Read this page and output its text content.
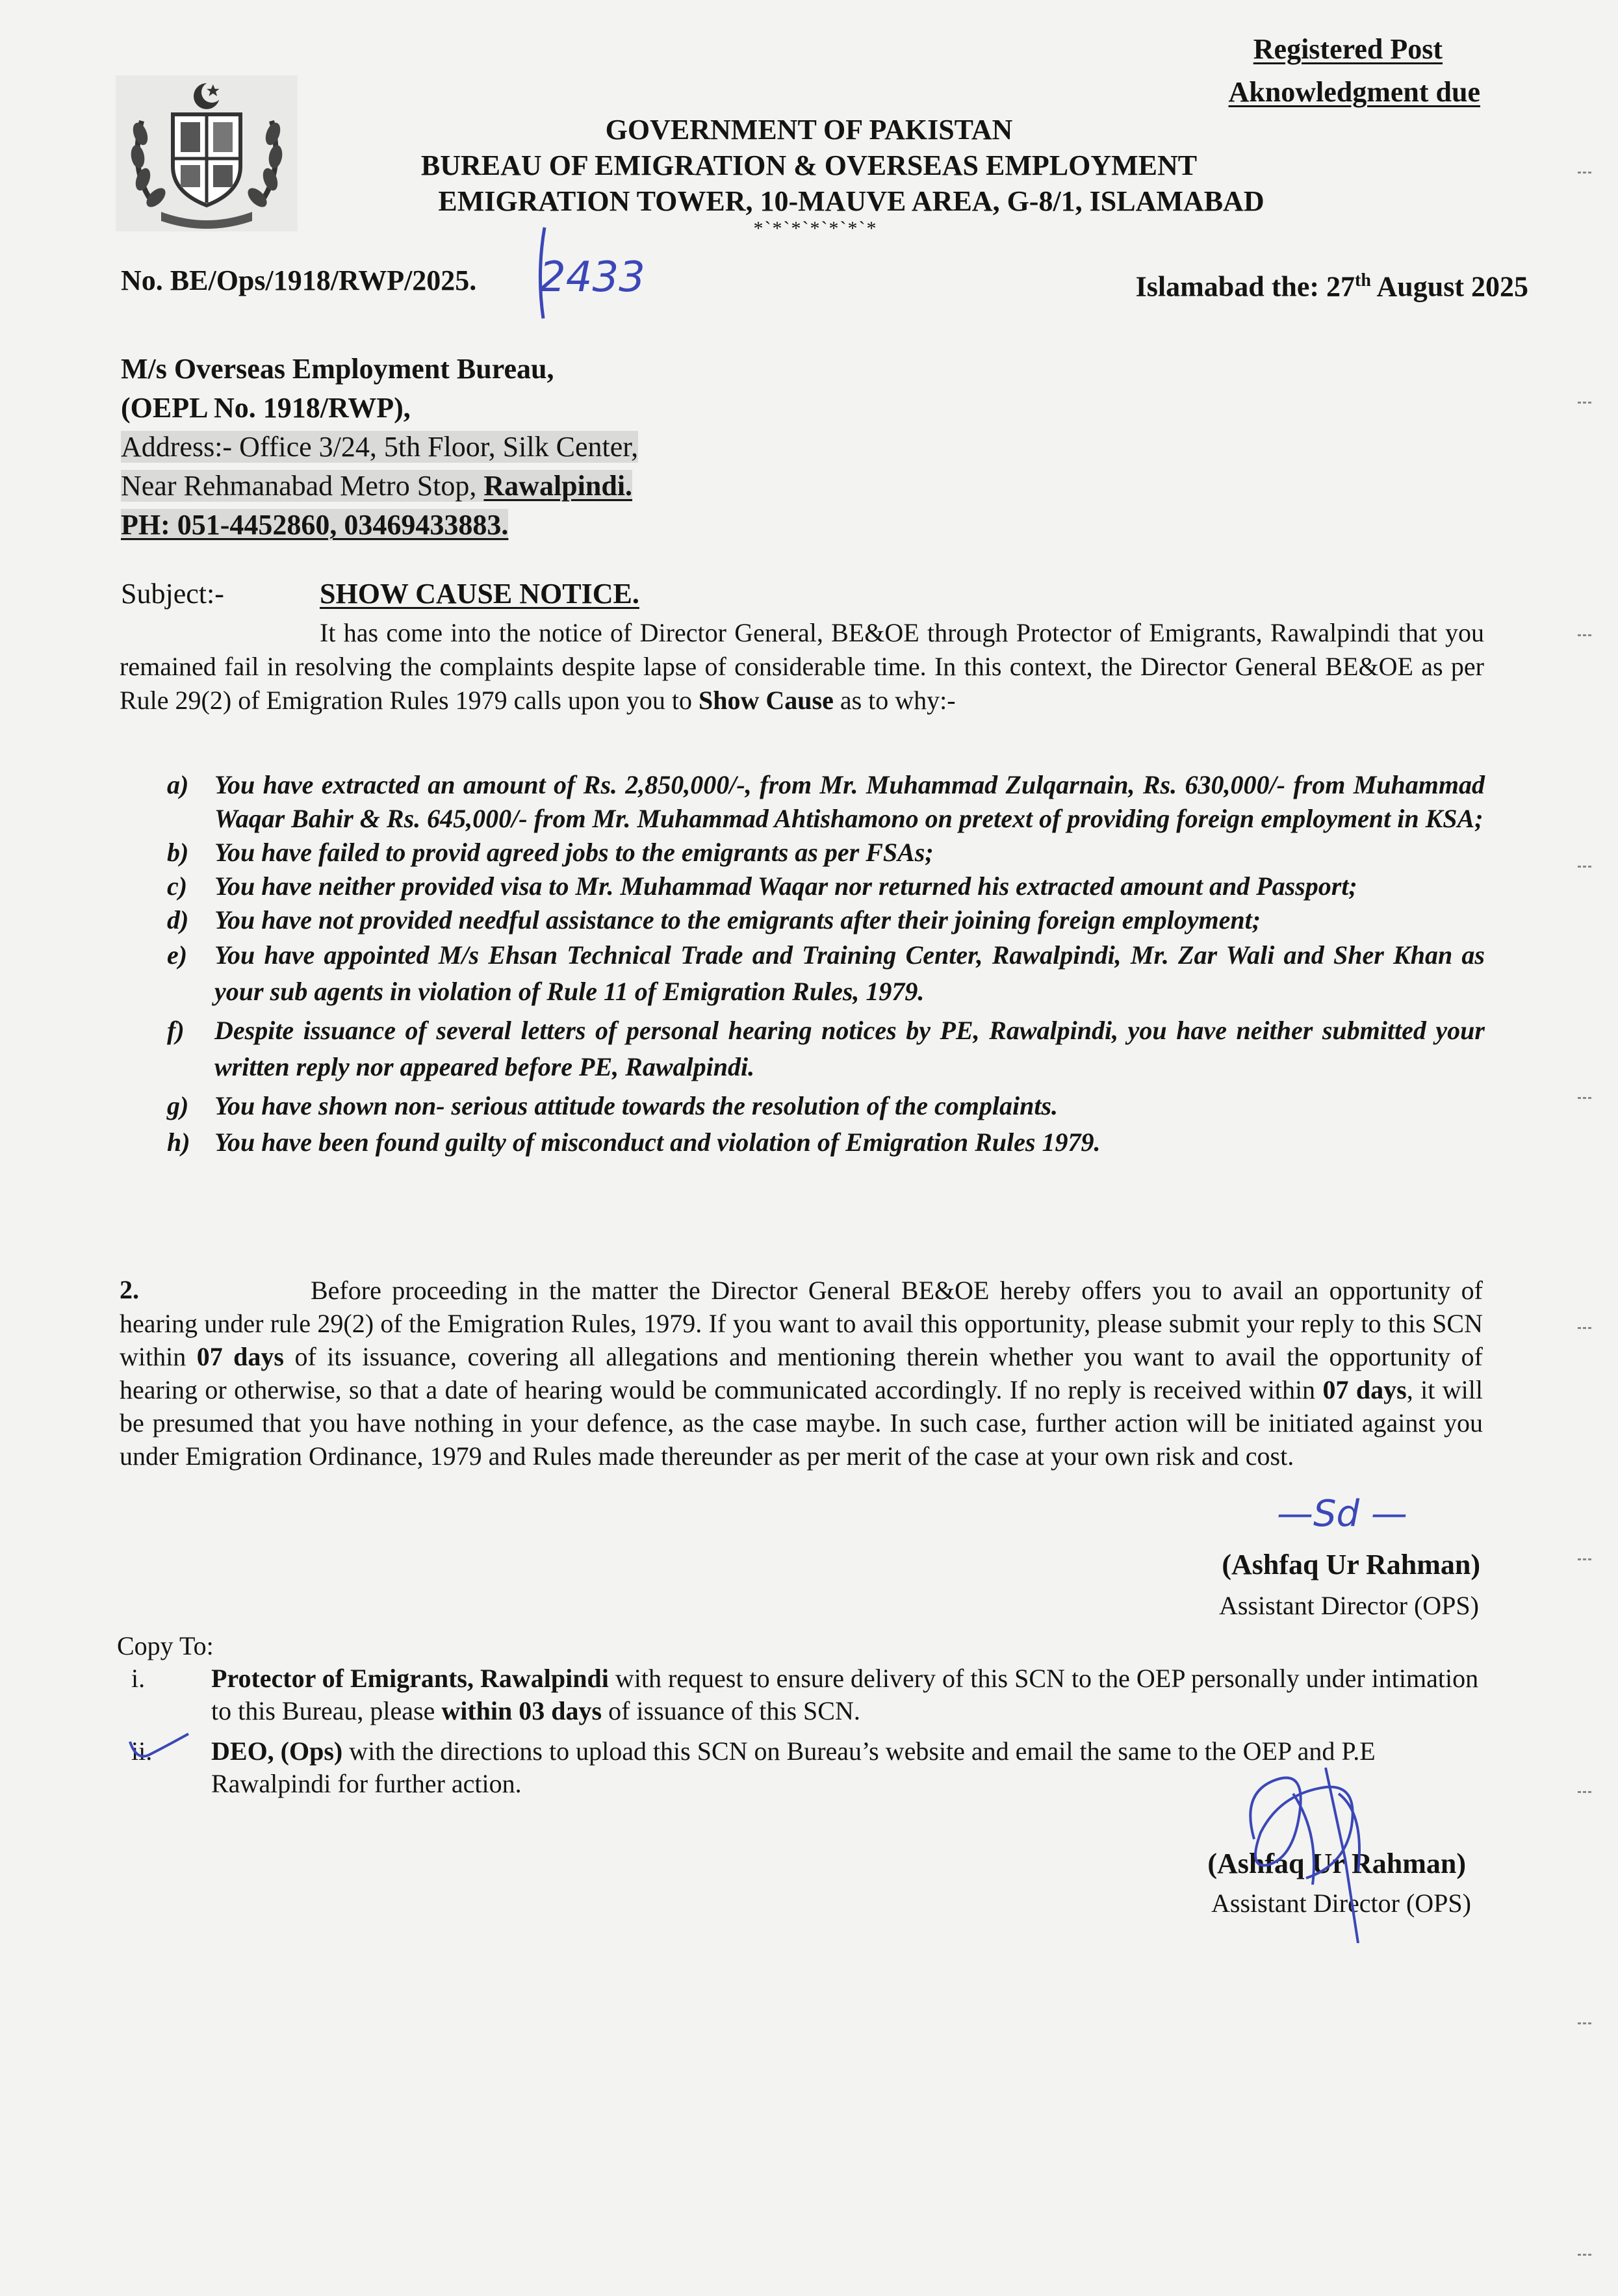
Registered Post
Aknowledgment due
GOVERNMENT OF PAKISTAN
BUREAU OF EMIGRATION & OVERSEAS EMPLOYMENT
EMIGRATION TOWER, 10-MAUVE AREA, G-8/1, ISLAMABAD
*`*`*`*`*`*`*
No. BE/Ops/1918/RWP/2025. 2433	Islamabad the: 27th August 2025
M/s Overseas Employment Bureau,
(OEPL No. 1918/RWP),
Address:- Office 3/24, 5th Floor, Silk Center,
Near Rehmanabad Metro Stop, Rawalpindi.
PH: 051-4452860, 03469433883.
Subject:-	SHOW CAUSE NOTICE.
It has come into the notice of Director General, BE&OE through Protector of Emigrants, Rawalpindi that you remained fail in resolving the complaints despite lapse of considerable time. In this context, the Director General BE&OE as per Rule 29(2) of Emigration Rules 1979 calls upon you to Show Cause as to why:-
a) You have extracted an amount of Rs. 2,850,000/-, from Mr. Muhammad Zulqarnain, Rs. 630,000/- from Muhammad Waqar Bahir & Rs. 645,000/- from Mr. Muhammad Ahtishamono on pretext of providing foreign employment in KSA;
b) You have failed to provid agreed jobs to the emigrants as per FSAs;
c) You have neither provided visa to Mr. Muhammad Waqar nor returned his extracted amount and Passport;
d) You have not provided needful assistance to the emigrants after their joining foreign employment;
e) You have appointed M/s Ehsan Technical Trade and Training Center, Rawalpindi, Mr. Zar Wali and Sher Khan as your sub agents in violation of Rule 11 of Emigration Rules, 1979.
f) Despite issuance of several letters of personal hearing notices by PE, Rawalpindi, you have neither submitted your written reply nor appeared before PE, Rawalpindi.
g) You have shown non- serious attitude towards the resolution of the complaints.
h) You have been found guilty of misconduct and violation of Emigration Rules 1979.
2.	Before proceeding in the matter the Director General BE&OE hereby offers you to avail an opportunity of hearing under rule 29(2) of the Emigration Rules, 1979. If you want to avail this opportunity, please submit your reply to this SCN within 07 days of its issuance, covering all allegations and mentioning therein whether you want to avail the opportunity of hearing or otherwise, so that a date of hearing would be communicated accordingly. If no reply is received within 07 days, it will be presumed that you have nothing in your defence, as the case maybe. In such case, further action will be initiated against you under Emigration Ordinance, 1979 and Rules made thereunder as per merit of the case at your own risk and cost.
—Sd —
(Ashfaq Ur Rahman)
Assistant Director (OPS)
Copy To:
i.	Protector of Emigrants, Rawalpindi with request to ensure delivery of this SCN to the OEP personally under intimation to this Bureau, please within 03 days of issuance of this SCN.
ii. DEO, (Ops) with the directions to upload this SCN on Bureau’s website and email the same to the OEP and P.E Rawalpindi for further action.
(Ashfaq Ur Rahman)
Assistant Director (OPS)
